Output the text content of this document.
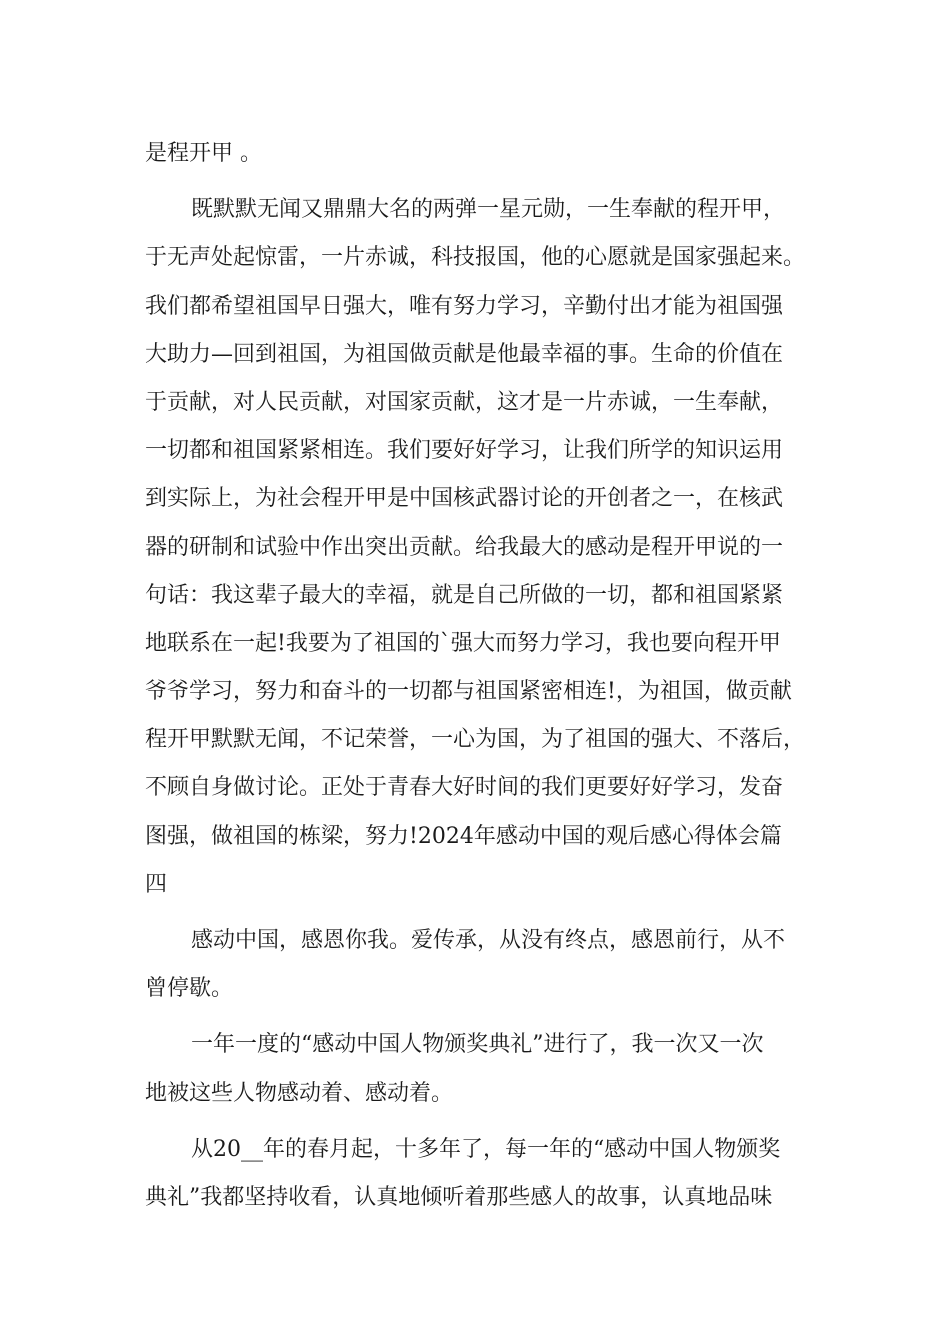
是程开甲 。
既默默无闻又鼎鼎大名的两弹一星元勋，一生奉献的程开甲，
于无声处起惊雷，一片赤诚，科技报国，他的心愿就是国家强起来。
我们都希望祖国早日强大，唯有努力学习，辛勤付出才能为祖国强
大助力—回到祖国，为祖国做贡献是他最幸福的事。生命的价值在
于贡献，对人民贡献，对国家贡献，这才是一片赤诚，一生奉献，
一切都和祖国紧紧相连。我们要好好学习，让我们所学的知识运用
到实际上，为社会程开甲是中国核武器讨论的开创者之一，在核武
器的研制和试验中作出突出贡献。给我最大的感动是程开甲说的一
句话：我这辈子最大的幸福，就是自己所做的一切，都和祖国紧紧
地联系在一起!我要为了祖国的`强大而努力学习，我也要向程开甲
爷爷学习，努力和奋斗的一切都与祖国紧密相连!，为祖国，做贡献
程开甲默默无闻，不记荣誉，一心为国，为了祖国的强大、不落后，
不顾自身做讨论。正处于青春大好时间的我们更要好好学习，发奋
图强，做祖国的栋梁，努力!2024年感动中国的观后感心得体会篇
四
感动中国，感恩你我。爱传承，从没有终点，感恩前行，从不
曾停歇。
一年一度的“感动中国人物颁奖典礼”进行了，我一次又一次
地被这些人物感动着、感动着。
从20__年的春月起，十多年了，每一年的“感动中国人物颁奖
典礼”我都坚持收看，认真地倾听着那些感人的故事，认真地品味
